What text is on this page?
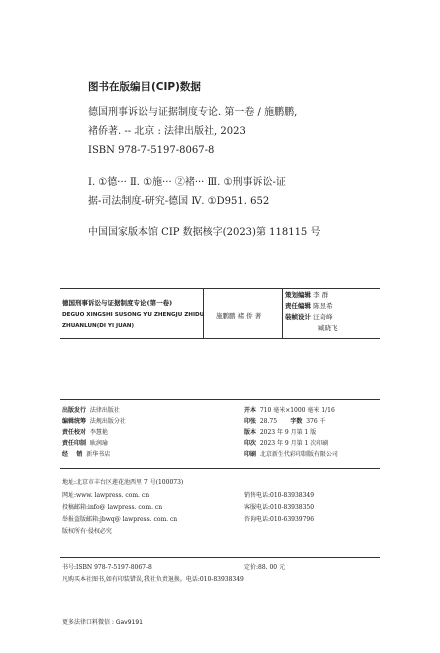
图书在版编目(CIP)数据
德国刑事诉讼与证据制度专论. 第一卷 / 施鹏鹏,
褚侨著. -- 北京 : 法律出版社, 2023
ISBN 978-7-5197-8067-8
Ⅰ. ①德··· Ⅱ. ①施··· ②褚··· Ⅲ. ①刑事诉讼-证
据-司法制度-研究-德国 Ⅳ. ①D951. 652
中国国家版本馆 CIP 数据核字(2023)第 118115 号
德国刑事诉讼与证据制度专论(第一卷)
DEGUO XINGSHI SUSONG YU ZHENGJU ZHIDU
ZHUANLUN(DI YI JUAN)
施鹏鹏 褚 侨 著
策划编辑 李 群
责任编辑 陈昱希
装帧设计 汪奇峰
臧晓飞
出版发行 法律出版社
编辑统筹 法规出版分社
责任校对 李慧艳
责任印制 耿润瑜
经    销 新华书店
开本 710 毫米×1000 毫米 1/16
印张 28.75 字数 376 千
版本 2023 年 9 月第 1 版
印次 2023 年 9 月第 1 次印刷
印刷 北京新生代彩印制版有限公司
地址:北京市丰台区莲花池西里 7 号(100073)
网址:www. lawpress. com. cn
投稿邮箱:info@ lawpress. com. cn
举报盗版邮箱:jbwq@ lawpress. com. cn
版权所有·侵权必究
销售电话:010-83938349
客服电话:010-83938350
咨询电话:010-63939796
书号:ISBN 978-7-5197-8067-8	定价:88. 00 元
凡购买本社图书,如有印装错误,我社负责退换。电话:010-83938349
更多法律口料微信 : Gav9191
